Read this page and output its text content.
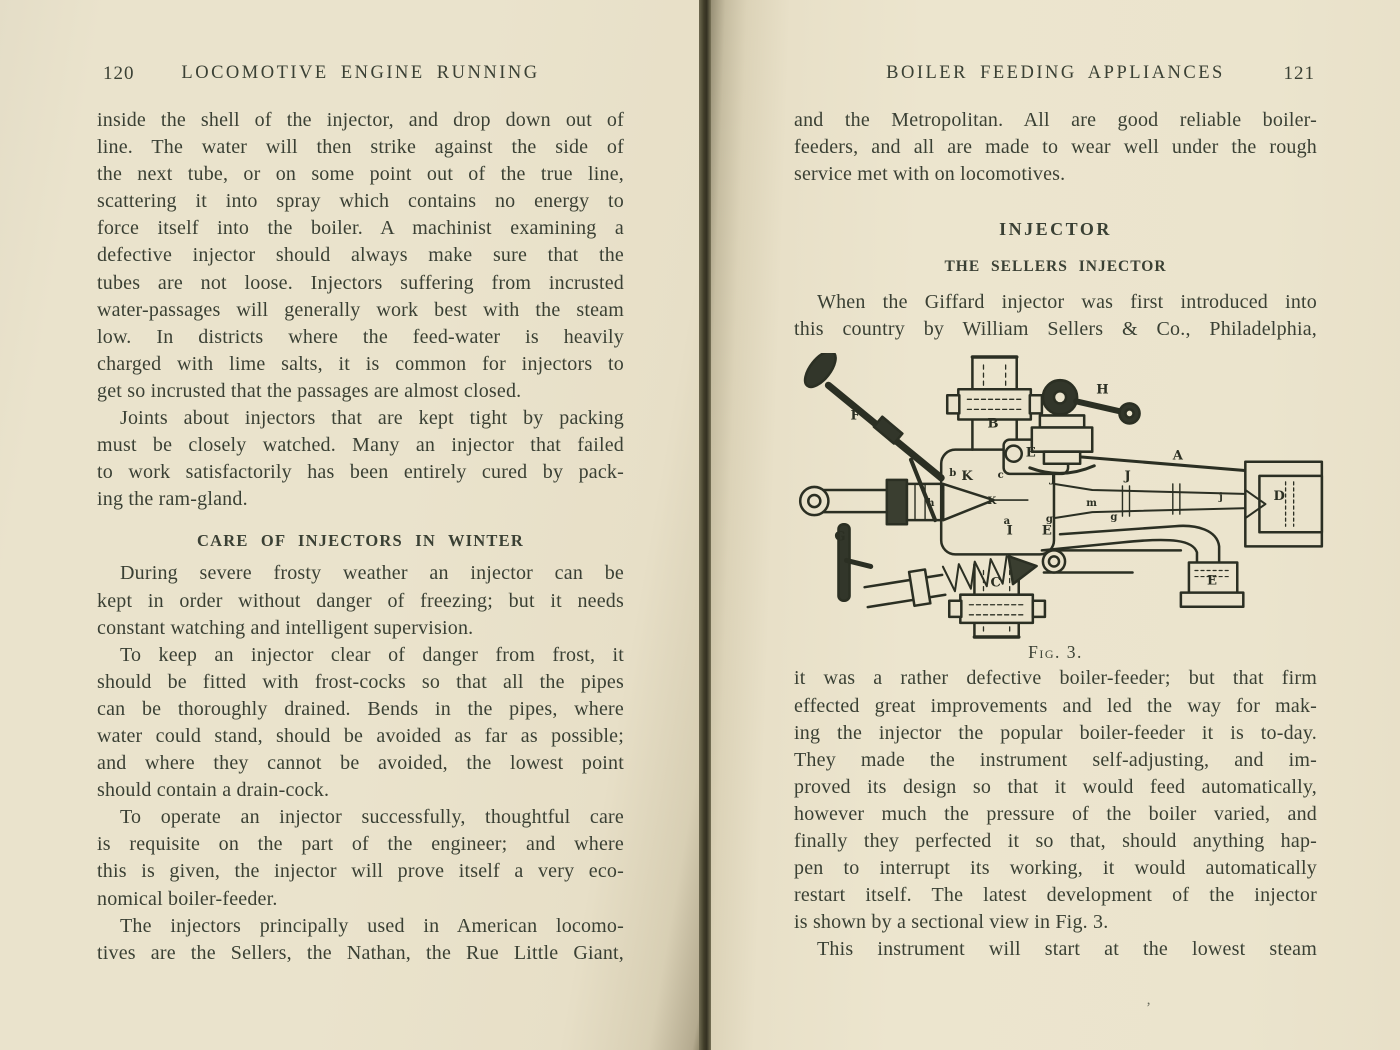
120	LOCOMOTIVE ENGINE RUNNING
inside the shell of the injector, and drop down out of
line. The water will then strike against the side of
the next tube, or on some point out of the true line,
scattering it into spray which contains no energy to
force itself into the boiler. A machinist examining a
defective injector should always make sure that the
tubes are not loose. Injectors suffering from incrusted
water-passages will generally work best with the steam
low. In districts where the feed-water is heavily
charged with lime salts, it is common for injectors to
get so incrusted that the passages are almost closed.
Joints about injectors that are kept tight by packing
must be closely watched. Many an injector that failed
to work satisfactorily has been entirely cured by pack-
ing the ram-gland.
CARE OF INJECTORS IN WINTER
During severe frosty weather an injector can be
kept in order without danger of freezing; but it needs
constant watching and intelligent supervision.
To keep an injector clear of danger from frost, it
should be fitted with frost-cocks so that all the pipes
can be thoroughly drained. Bends in the pipes, where
water could stand, should be avoided as far as possible;
and where they cannot be avoided, the lowest point
should contain a drain-cock.
To operate an injector successfully, thoughtful care
is requisite on the part of the engineer; and where
this is given, the injector will prove itself a very eco-
nomical boiler-feeder.
The injectors principally used in American locomo-
tives are the Sellers, the Nathan, the Rue Little Giant,
BOILER FEEDING APPLIANCES	121
and the Metropolitan. All are good reliable boiler-
feeders, and all are made to wear well under the rough
service met with on locomotives.
INJECTOR
THE SELLERS INJECTOR
When the Giffard injector was first introduced into
this country by William Sellers & Co., Philadelphia,
F
B
H
E	A
K	J	J
D
G	I E
C	E
b	c
h	K
a	g	g
m
j
Fig. 3.
it was a rather defective boiler-feeder; but that firm
effected great improvements and led the way for mak-
ing the injector the popular boiler-feeder it is to-day.
They made the instrument self-adjusting, and im-
proved its design so that it would feed automatically,
however much the pressure of the boiler varied, and
finally they perfected it so that, should anything hap-
pen to interrupt its working, it would automatically
restart itself. The latest development of the injector
is shown by a sectional view in Fig. 3.
This instrument will start at the lowest steam
’
